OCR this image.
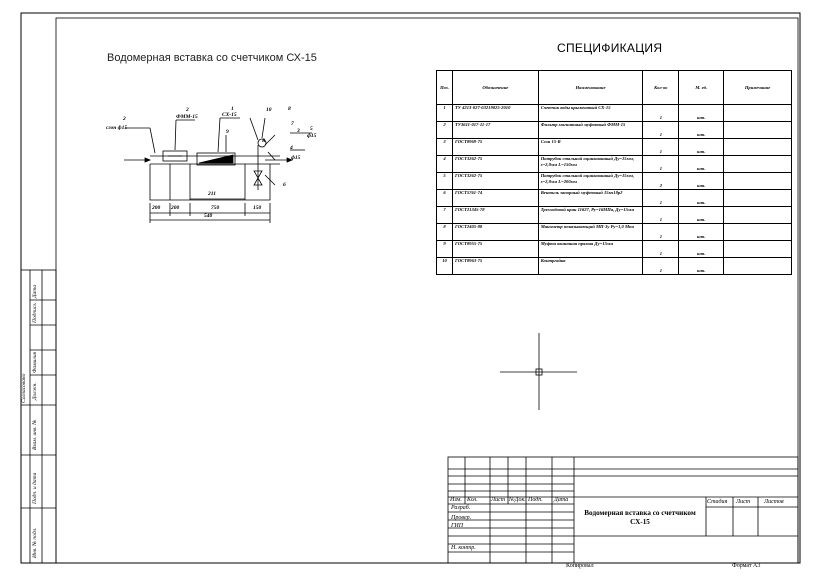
Водомерная вставка со счетчиком СХ-15
2
2	1
9
10	8
7
3 5
4
6
сгон ф15
ФММ-15	СХ-15
ф15
ф15
R
200 200	750	150
211
540
СПЕЦИФИКАЦИЯ
Поз.	Обозначение	Наименование	Кол-во	М. ед.	Примечание
1	ТУ 4213-027-03219025-2010	Счетчик воды крыльчатый СХ-15	1	шт.	
2	ТУ3611-017-11-17	Фильтр магнитный муфтовый ФММ-15	1	шт.	
3	ГОСТ8969-75	Сгон 15-R	1	шт.	
4	ГОСТ3262-75	Патрубок стальной оцинкованный Ду=15мм, s=2,8мм L=150мм	1	шт.	
5	ГОСТ3262-75	Патрубок стальной оцинкованный Ду=15мм, s=2,8мм L=200мм	2	шт.	
6	ГОСТ5761-74	Вентиль запорный муфтовый 15кч18р2	1	шт.	
7	ГОСТ21345-78	Трехходовой кран 11б27, Ру=16МПа, Ду=15мм	1	шт.	
8	ГОСТ2405-88	Манометр показывающий МП-3у Ру=1,0 Мпа	1	шт.	
9	ГОСТ8955-75	Муфта ввинтная прямая Ду=15мм	1	шт.	
10	ГОСТ8963-75	Контргайка	1	шт.	
Изм. Кол. Лист №Док. Подп. Дата
Разраб.
Провер.
ГИП
Н. контр.
Водомерная вставка со счетчиком СХ-15
Стадия Лист Листов
Копировал	Формат А3
Согласовано
Взам. инв. №
Подп. и дата
Инв. № подл.
Должн.
Фамилия
Подпись
Дата
